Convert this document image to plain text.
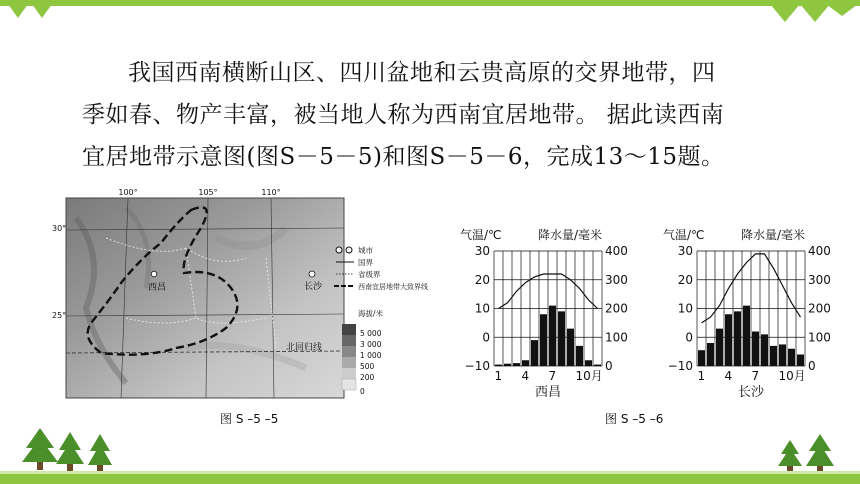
我国西南横断山区、四川盆地和云贵高原的交界地带，四
季如春、物产丰富，被当地人称为西南宜居地带。 据此读西南
宜居地带示意图(图S－5－5)和图S－5－6，完成13～15题。
100°	105°	110°
西昌	长沙
北回归线
30°
25°
城市
国界
省级界
西南宜居地带大致界线
海拔/米
5 000
3 000
1 000
500
200
0
图 S –5 –5
气温/℃	降水量/毫米
30	400
20	300
10	200
0	100
−10	0
1 4 7 10月
西昌
气温/℃	降水量/毫米
30	400
20	300
10	200
0	100
−10	0
1 4 7 10月
长沙
图 S –5 –6
